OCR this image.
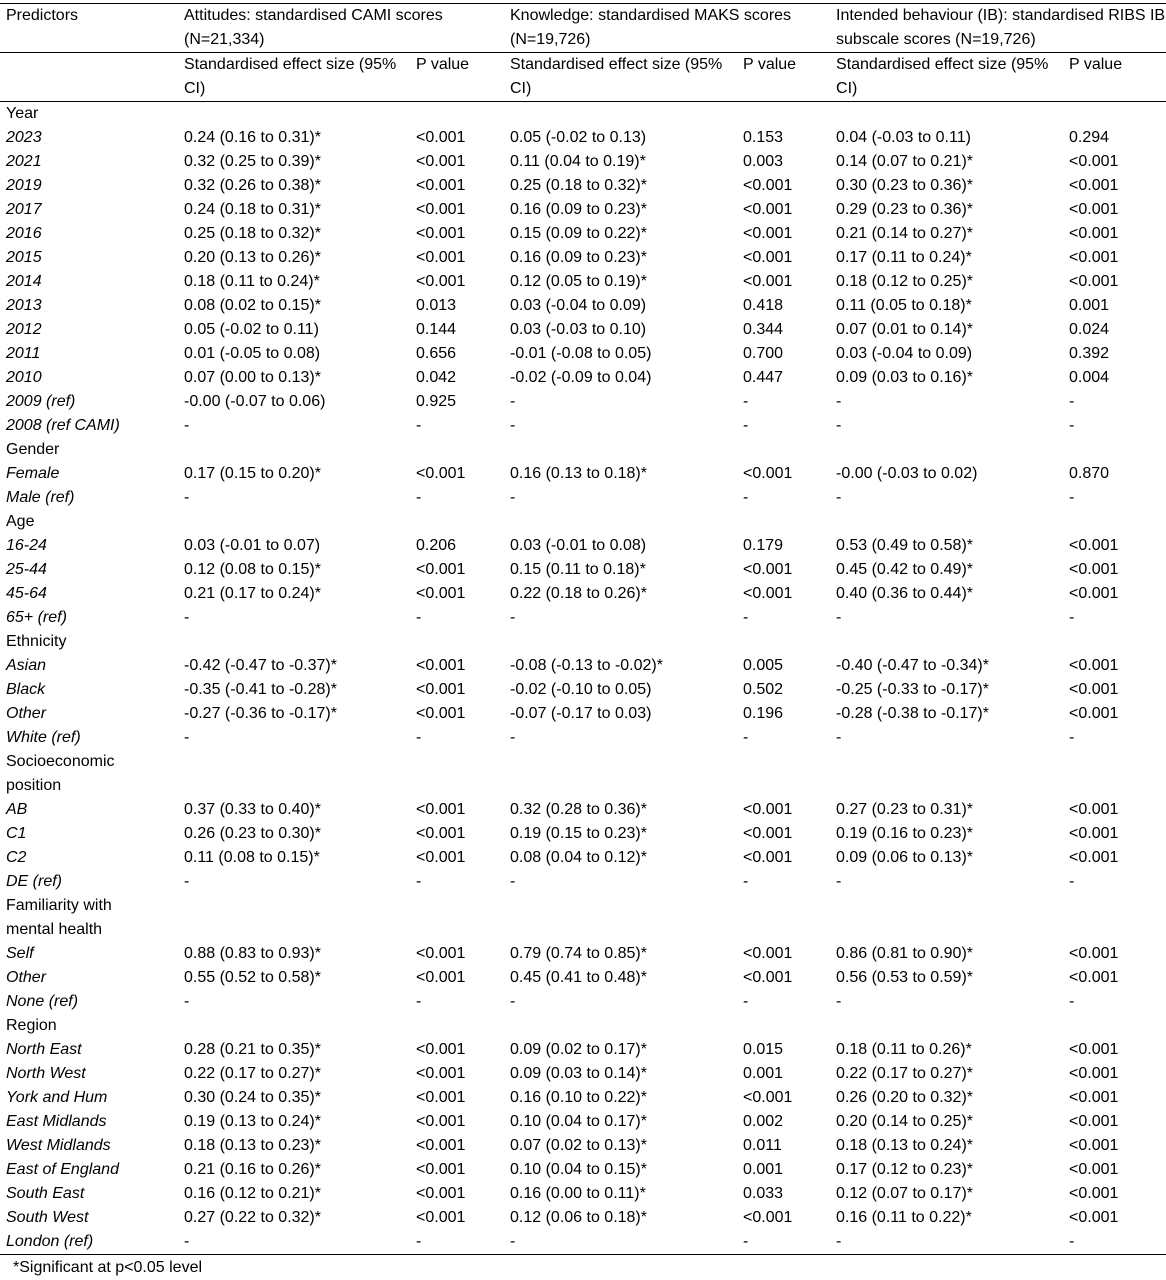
Predictors	Attitudes: standardised CAMI scores (N=21,334)		Knowledge: standardised MAKS scores (N=19,726)		Intended behaviour (IB): standardised RIBS IB subscale scores (N=19,726)	
	Standardised effect size (95% CI)	P value	Standardised effect size (95% CI)	P value	Standardised effect size (95% CI)	P value
Year						
2023	0.24 (0.16 to 0.31)*	<0.001	0.05 (-0.02 to 0.13)	0.153	0.04 (-0.03 to 0.11)	0.294
2021	0.32 (0.25 to 0.39)*	<0.001	0.11 (0.04 to 0.19)*	0.003	0.14 (0.07 to 0.21)*	<0.001
2019	0.32 (0.26 to 0.38)*	<0.001	0.25 (0.18 to 0.32)*	<0.001	0.30 (0.23 to 0.36)*	<0.001
2017	0.24 (0.18 to 0.31)*	<0.001	0.16 (0.09 to 0.23)*	<0.001	0.29 (0.23 to 0.36)*	<0.001
2016	0.25 (0.18 to 0.32)*	<0.001	0.15 (0.09 to 0.22)*	<0.001	0.21 (0.14 to 0.27)*	<0.001
2015	0.20 (0.13 to 0.26)*	<0.001	0.16 (0.09 to 0.23)*	<0.001	0.17 (0.11 to 0.24)*	<0.001
2014	0.18 (0.11 to 0.24)*	<0.001	0.12 (0.05 to 0.19)*	<0.001	0.18 (0.12 to 0.25)*	<0.001
2013	0.08 (0.02 to 0.15)*	0.013	0.03 (-0.04 to 0.09)	0.418	0.11 (0.05 to 0.18)*	0.001
2012	0.05 (-0.02 to 0.11)	0.144	0.03 (-0.03 to 0.10)	0.344	0.07 (0.01 to 0.14)*	0.024
2011	0.01 (-0.05 to 0.08)	0.656	-0.01 (-0.08 to 0.05)	0.700	0.03 (-0.04 to 0.09)	0.392
2010	0.07 (0.00 to 0.13)*	0.042	-0.02 (-0.09 to 0.04)	0.447	0.09 (0.03 to 0.16)*	0.004
2009 (ref)	-0.00 (-0.07 to 0.06)	0.925	-	-	-	-
2008 (ref CAMI)	-	-	-	-	-	-
Gender						
Female	0.17 (0.15 to 0.20)*	<0.001	0.16 (0.13 to 0.18)*	<0.001	-0.00 (-0.03 to 0.02)	0.870
Male (ref)	-	-	-	-	-	-
Age						
16-24	0.03 (-0.01 to 0.07)	0.206	0.03 (-0.01 to 0.08)	0.179	0.53 (0.49 to 0.58)*	<0.001
25-44	0.12 (0.08 to 0.15)*	<0.001	0.15 (0.11 to 0.18)*	<0.001	0.45 (0.42 to 0.49)*	<0.001
45-64	0.21 (0.17 to 0.24)*	<0.001	0.22 (0.18 to 0.26)*	<0.001	0.40 (0.36 to 0.44)*	<0.001
65+ (ref)	-	-	-	-	-	-
Ethnicity						
Asian	-0.42 (-0.47 to -0.37)*	<0.001	-0.08 (-0.13 to -0.02)*	0.005	-0.40 (-0.47 to -0.34)*	<0.001
Black	-0.35 (-0.41 to -0.28)*	<0.001	-0.02 (-0.10 to 0.05)	0.502	-0.25 (-0.33 to -0.17)*	<0.001
Other	-0.27 (-0.36 to -0.17)*	<0.001	-0.07 (-0.17 to 0.03)	0.196	-0.28 (-0.38 to -0.17)*	<0.001
White (ref)	-	-	-	-	-	-
Socioeconomic						
position						
AB	0.37 (0.33 to 0.40)*	<0.001	0.32 (0.28 to 0.36)*	<0.001	0.27 (0.23 to 0.31)*	<0.001
C1	0.26 (0.23 to 0.30)*	<0.001	0.19 (0.15 to 0.23)*	<0.001	0.19 (0.16 to 0.23)*	<0.001
C2	0.11 (0.08 to 0.15)*	<0.001	0.08 (0.04 to 0.12)*	<0.001	0.09 (0.06 to 0.13)*	<0.001
DE (ref)	-	-	-	-	-	-
Familiarity with						
mental health						
Self	0.88 (0.83 to 0.93)*	<0.001	0.79 (0.74 to 0.85)*	<0.001	0.86 (0.81 to 0.90)*	<0.001
Other	0.55 (0.52 to 0.58)*	<0.001	0.45 (0.41 to 0.48)*	<0.001	0.56 (0.53 to 0.59)*	<0.001
None (ref)	-	-	-	-	-	-
Region						
North East	0.28 (0.21 to 0.35)*	<0.001	0.09 (0.02 to 0.17)*	0.015	0.18 (0.11 to 0.26)*	<0.001
North West	0.22 (0.17 to 0.27)*	<0.001	0.09 (0.03 to 0.14)*	0.001	0.22 (0.17 to 0.27)*	<0.001
York and Hum	0.30 (0.24 to 0.35)*	<0.001	0.16 (0.10 to 0.22)*	<0.001	0.26 (0.20 to 0.32)*	<0.001
East Midlands	0.19 (0.13 to 0.24)*	<0.001	0.10 (0.04 to 0.17)*	0.002	0.20 (0.14 to 0.25)*	<0.001
West Midlands	0.18 (0.13 to 0.23)*	<0.001	0.07 (0.02 to 0.13)*	0.011	0.18 (0.13 to 0.24)*	<0.001
East of England	0.21 (0.16 to 0.26)*	<0.001	0.10 (0.04 to 0.15)*	0.001	0.17 (0.12 to 0.23)*	<0.001
South East	0.16 (0.12 to 0.21)*	<0.001	0.16 (0.00 to 0.11)*	0.033	0.12 (0.07 to 0.17)*	<0.001
South West	0.27 (0.22 to 0.32)*	<0.001	0.12 (0.06 to 0.18)*	<0.001	0.16 (0.11 to 0.22)*	<0.001
London (ref)	-	-	-	-	-	-
*Significant at p<0.05 level
